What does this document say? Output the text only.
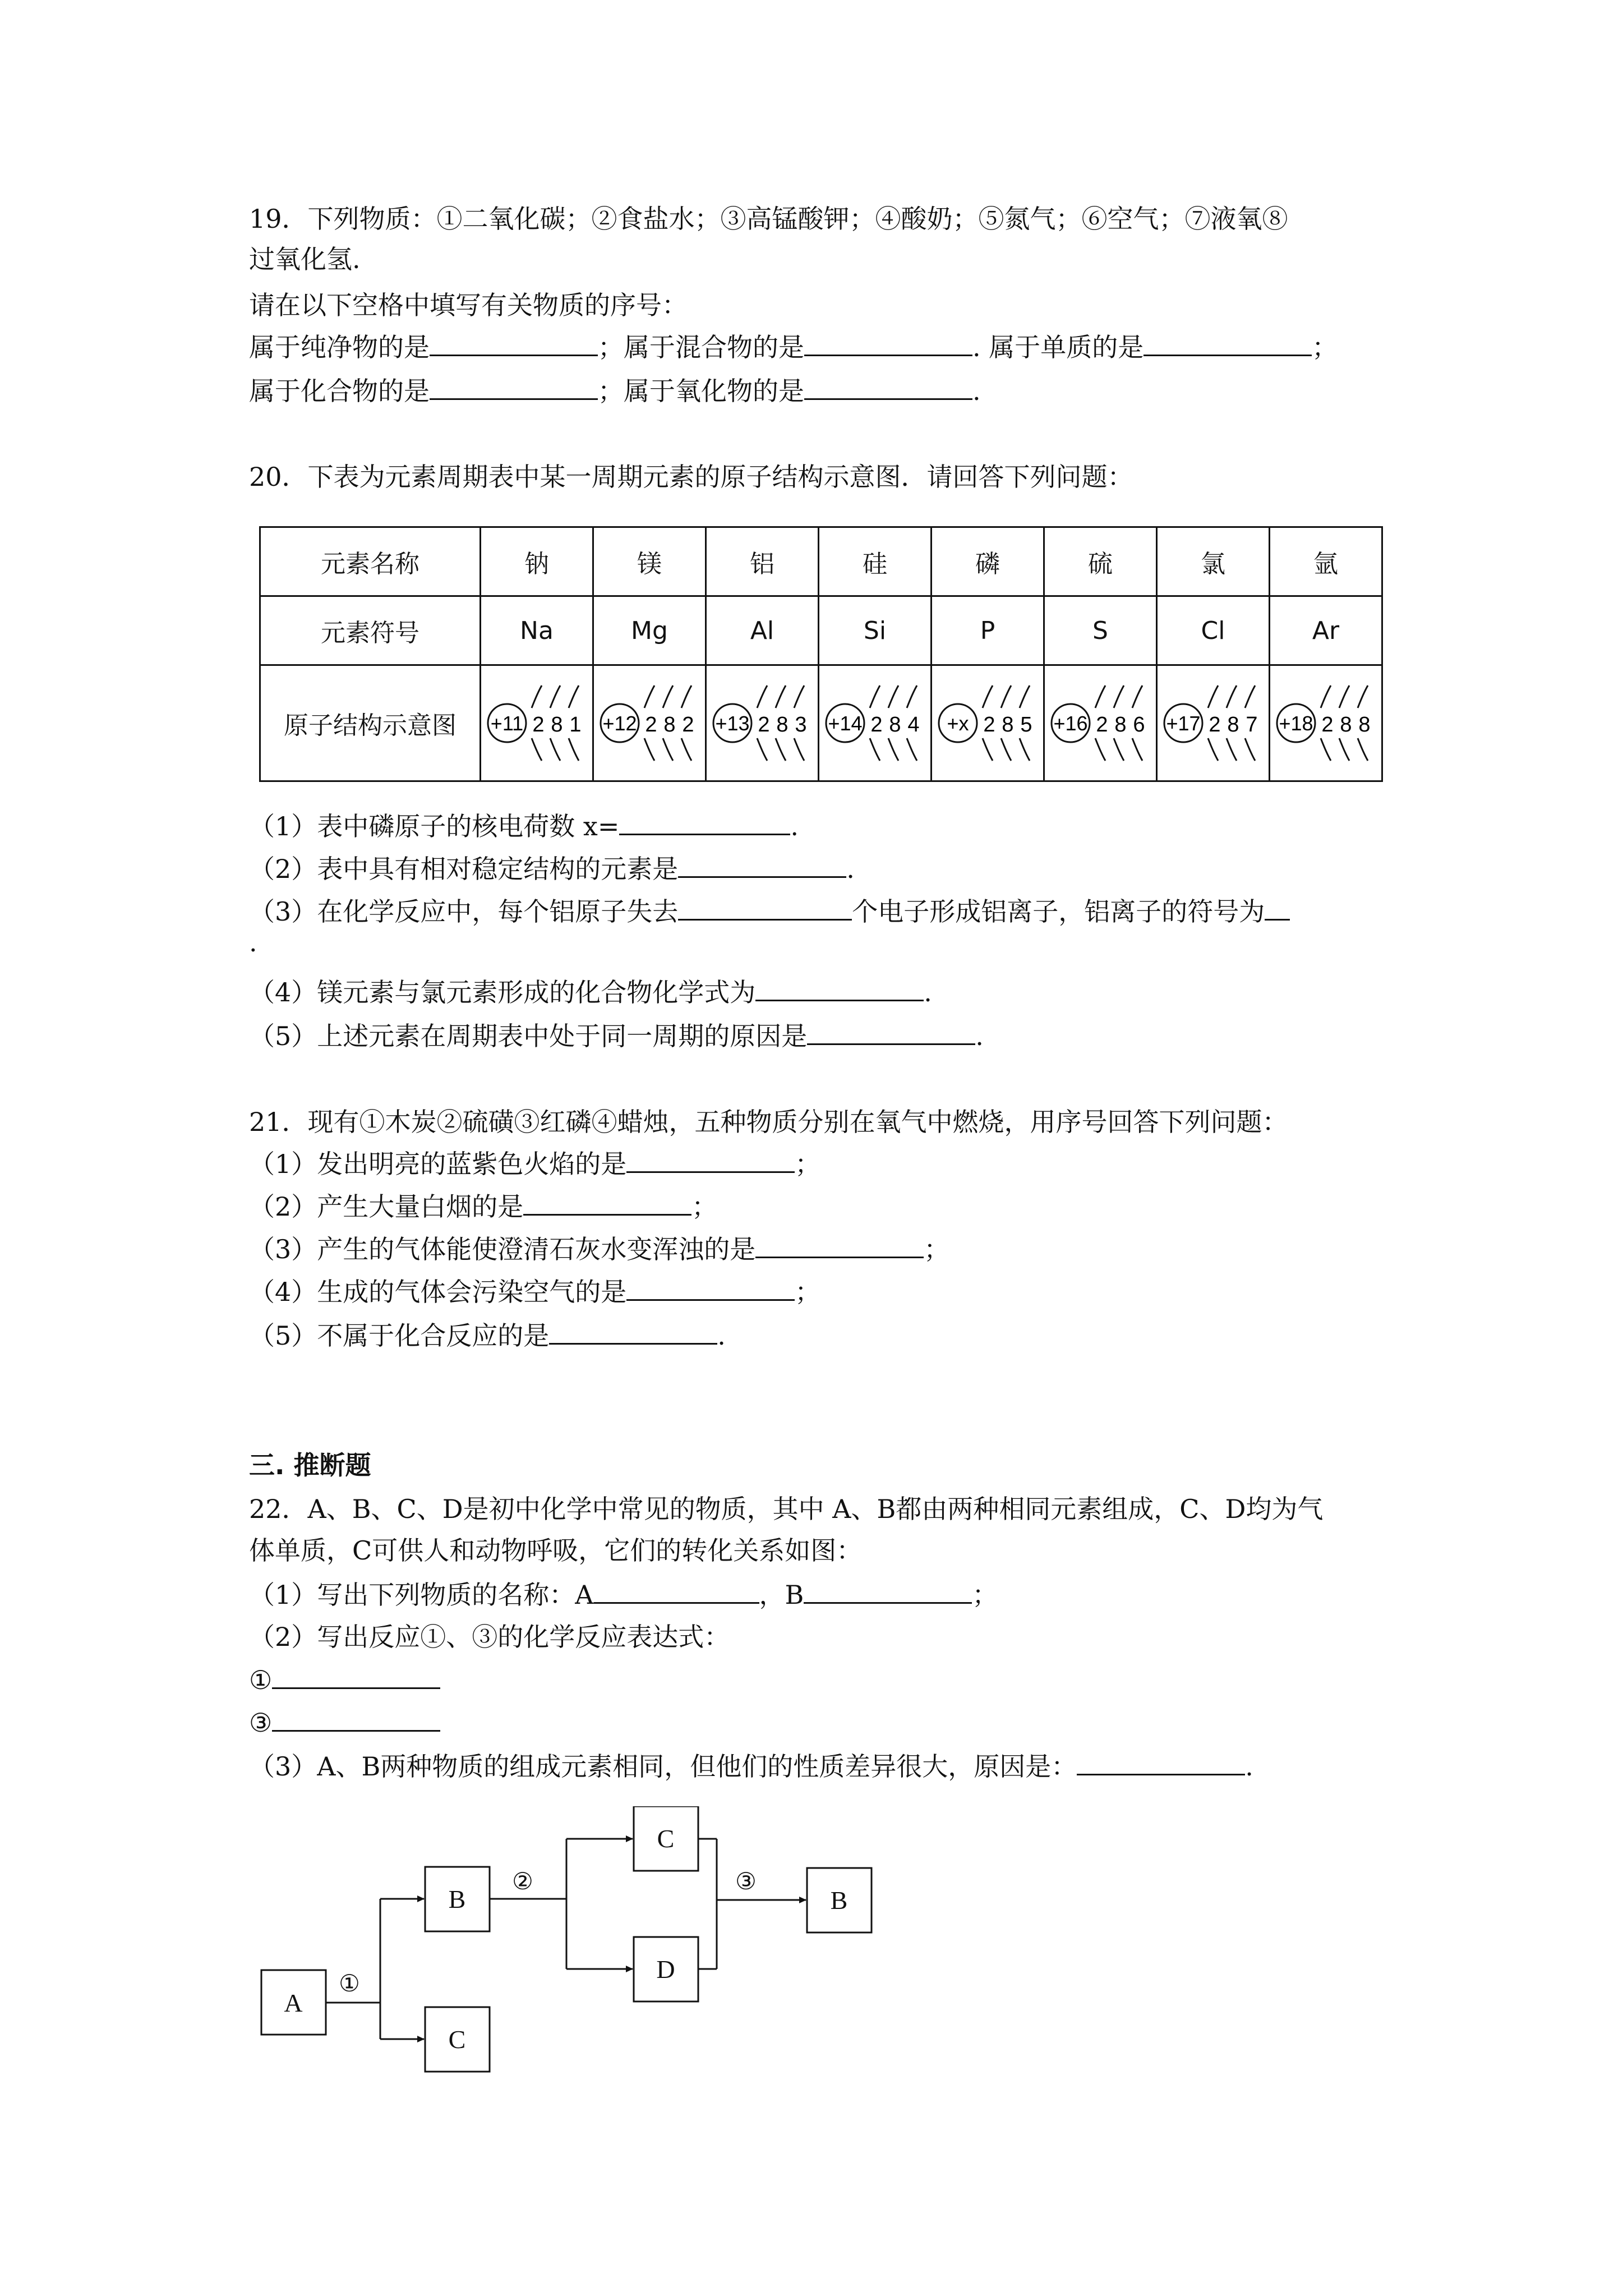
19．下列物质：①二氧化碳；②食盐水；③高锰酸钾；④酸奶；⑤氮气；⑥空气；⑦液氧⑧
过氧化氢.
请在以下空格中填写有关物质的序号：
属于纯净物的是	；属于混合物的是	. 属于单质的是	；
属于化合物的是	；属于氧化物的是	.
20．下表为元素周期表中某一周期元素的原子结构示意图．请回答下列问题：
元素名称	钠	镁	铝	硅	磷	硫	氯	氩
元素符号	Na	Mg	Al	Si	P	S	Cl	Ar
原子结构示意图	+11 2 8 1	+12 2 8 2	+13 2 8 3	+14 2 8 4	+x 2 8 5	+16 2 8 6	+17 2 8 7	+18 2 8 8
（1）表中磷原子的核电荷数 x=	.
（2）表中具有相对稳定结构的元素是	.
（3）在化学反应中，每个铝原子失去	个电子形成铝离子，铝离子的符号为
.
（4）镁元素与氯元素形成的化合物化学式为	.
（5）上述元素在周期表中处于同一周期的原因是	.
21．现有①木炭②硫磺③红磷④蜡烛，五种物质分别在氧气中燃烧，用序号回答下列问题：
（1）发出明亮的蓝紫色火焰的是	；
（2）产生大量白烟的是	；
（3）产生的气体能使澄清石灰水变浑浊的是	；
（4）生成的气体会污染空气的是	；
（5）不属于化合反应的是	.
三. 推断题
22．A、B、C、D是初中化学中常见的物质，其中 A、B都由两种相同元素组成，C、D均为气
体单质，C可供人和动物呼吸，它们的转化关系如图：
（1）写出下列物质的名称：A	，B	；
（2）写出反应①、③的化学反应表达式：
①
③
（3）A、B两种物质的组成元素相同，但他们的性质差异很大，原因是：	.
A
B
C
C
D
B
①
②	③
